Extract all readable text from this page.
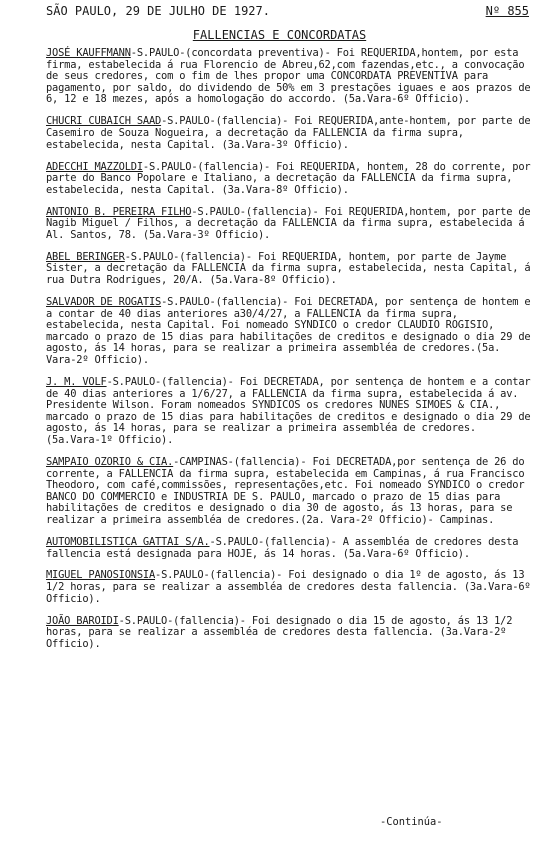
SÃO PAULO, 29 DE JULHO DE 1927.	Nº 855
FALLENCIAS E CONCORDATAS

JOSÉ KAUFFMANN-S.PAULO-(concordata preventiva)- Foi REQUERIDA,hontem, por esta firma, estabelecida á rua Florencio de Abreu,62,com fazendas,etc., a convocação de seus credores, com o fim de lhes propor uma CONCORDATA PREVENTIVA para pagamento, por saldo, do dividendo de 50% em 3 prestações iguaes e aos prazos de 6, 12 e 18 mezes, após a homologação do accordo. (5a.Vara-6º Officio).

CHUCRI CUBAICH SAAD-S.PAULO-(fallencia)- Foi REQUERIDA,ante-hontem, por parte de Casemiro de Souza Nogueira, a decretação da FALLENCIA da firma supra, estabelecida, nesta Capital. (3a.Vara-3º Officio).

ADECCHI MAZZOLDI-S.PAULO-(fallencia)- Foi REQUERIDA, hontem, 28 do corrente, por parte do Banco Popolare e Italiano, a decretação da FALLENCIA da firma supra, estabelecida, nesta Capital. (3a.Vara-8º Officio).

ANTONIO B. PEREIRA FILHO-S.PAULO-(fallencia)- Foi REQUERIDA,hontem, por parte de Nagib Miguel / Filhos, a decretação da FALLENCIA da firma supra, estabelecida á Al. Santos, 78. (5a.Vara-3º Officio).

ABEL BERINGER-S.PAULO-(fallencia)- Foi REQUERIDA, hontem, por parte de Jayme Sister, a decretação da FALLENCIA da firma supra, estabelecida, nesta Capital, á rua Dutra Rodrigues, 20/A. (5a.Vara-8º Officio).

SALVADOR DE ROGATIS-S.PAULO-(fallencia)- Foi DECRETADA, por sentença de hontem e a contar de 40 dias anteriores a30/4/27, a FALLENCIA da firma supra, estabelecida, nesta Capital. Foi nomeado SYNDICO o credor CLAUDIO ROGISIO, marcado o prazo de 15 dias para habilitações de creditos e designado o dia 29 de agosto, ás 14 horas, para se realizar a primeira assembléa de credores.(5a. Vara-2º Officio).

J. M. VOLF-S.PAULO-(fallencia)- Foi DECRETADA, por sentença de hontem e a contar de 40 dias anteriores a 1/6/27, a FALLENCIA da firma supra, estabelecida á av. Presidente Wilson. Foram nomeados SYNDICOS os credores NUNES SIMOES & CIA., marcado o prazo de 15 dias para habilitações de creditos e designado o dia 29 de agosto, ás 14 horas, para se realizar a primeira assembléa de credores. (5a.Vara-1º Officio).

SAMPAIO OZORIO & CIA.-CAMPINAS-(fallencia)- Foi DECRETADA,por sentença de 26 do corrente, a FALLENCIA da firma supra, estabelecida em Campinas, á rua Francisco Theodoro, com café,commissões, representações,etc. Foi nomeado SYNDICO o credor BANCO DO COMMERCIO e INDUSTRIA DE S. PAULO, marcado o prazo de 15 dias para habilitações de creditos e designado o dia 30 de agosto, ás 13 horas, para se realizar a primeira assembléa de credores.(2a. Vara-2º Officio)- Campinas.

AUTOMOBILISTICA GATTAI S/A.-S.PAULO-(fallencia)- A assembléa de credores desta fallencia está designada para HOJE, ás 14 horas. (5a.Vara-6º Officio).

MIGUEL PANOSIONSIA-S.PAULO-(fallencia)- Foi designado o dia 1º de agosto, ás 13 1/2 horas, para se realizar a assembléa de credores desta fallencia. (3a.Vara-6º Officio).

JOÃO BAROIDI-S.PAULO-(fallencia)- Foi designado o dia 15 de agosto, ás 13 1/2 horas, para se realizar a assembléa de credores desta fallencia. (3a.Vara-2º Officio).

-Continúa-
